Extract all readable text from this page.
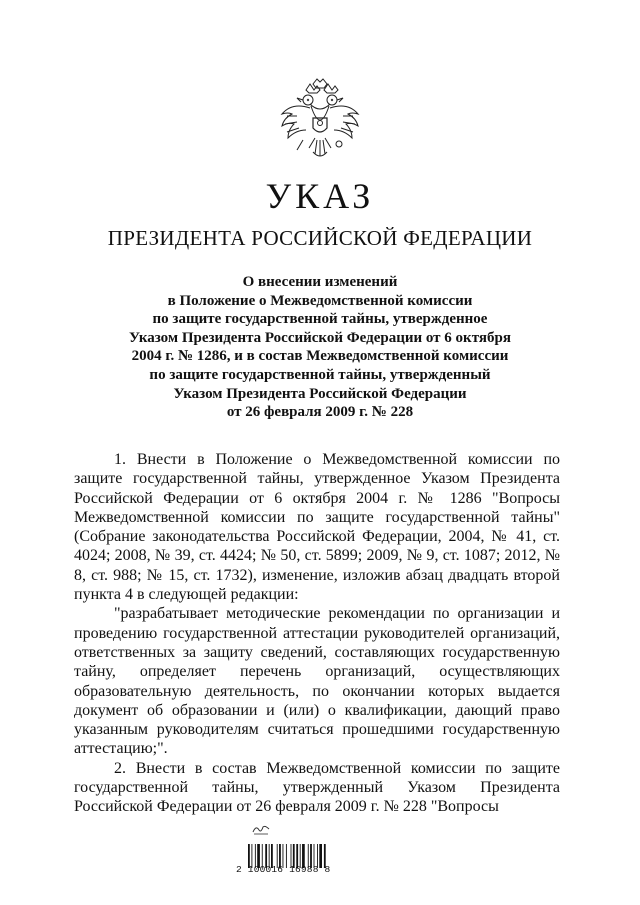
УКАЗ
ПРЕЗИДЕНТА РОССИЙСКОЙ ФЕДЕРАЦИИ
О внесении изменений
в Положение о Межведомственной комиссии
по защите государственной тайны, утвержденное
Указом Президента Российской Федерации от 6 октября
2004 г. № 1286, и в состав Межведомственной комиссии
по защите государственной тайны, утвержденный
Указом Президента Российской Федерации
от 26 февраля 2009 г. № 228

1. Внести в Положение о Межведомственной комиссии по защите государственной тайны, утвержденное Указом Президента Российской Федерации от 6 октября 2004 г. № 1286 "Вопросы Межведомственной комиссии по защите государственной тайны" (Собрание законодательства Российской Федерации, 2004, № 41, ст. 4024; 2008, № 39, ст. 4424; № 50, ст. 5899; 2009, № 9, ст. 1087; 2012, № 8, ст. 988; № 15, ст. 1732), изменение, изложив абзац двадцать второй пункта 4 в следующей редакции:

"разрабатывает методические рекомендации по организации и проведению государственной аттестации руководителей организаций, ответственных за защиту сведений, составляющих государственную тайну, определяет перечень организаций, осуществляющих образовательную деятельность, по окончании которых выдается документ об образовании и (или) о квалификации, дающий право указанным руководителям считаться прошедшими государственную аттестацию;".

2. Внести в состав Межведомственной комиссии по защите государственной тайны, утвержденный Указом Президента Российской Федерации от 26 февраля 2009 г. № 228 "Вопросы

2 100016 16988 8
